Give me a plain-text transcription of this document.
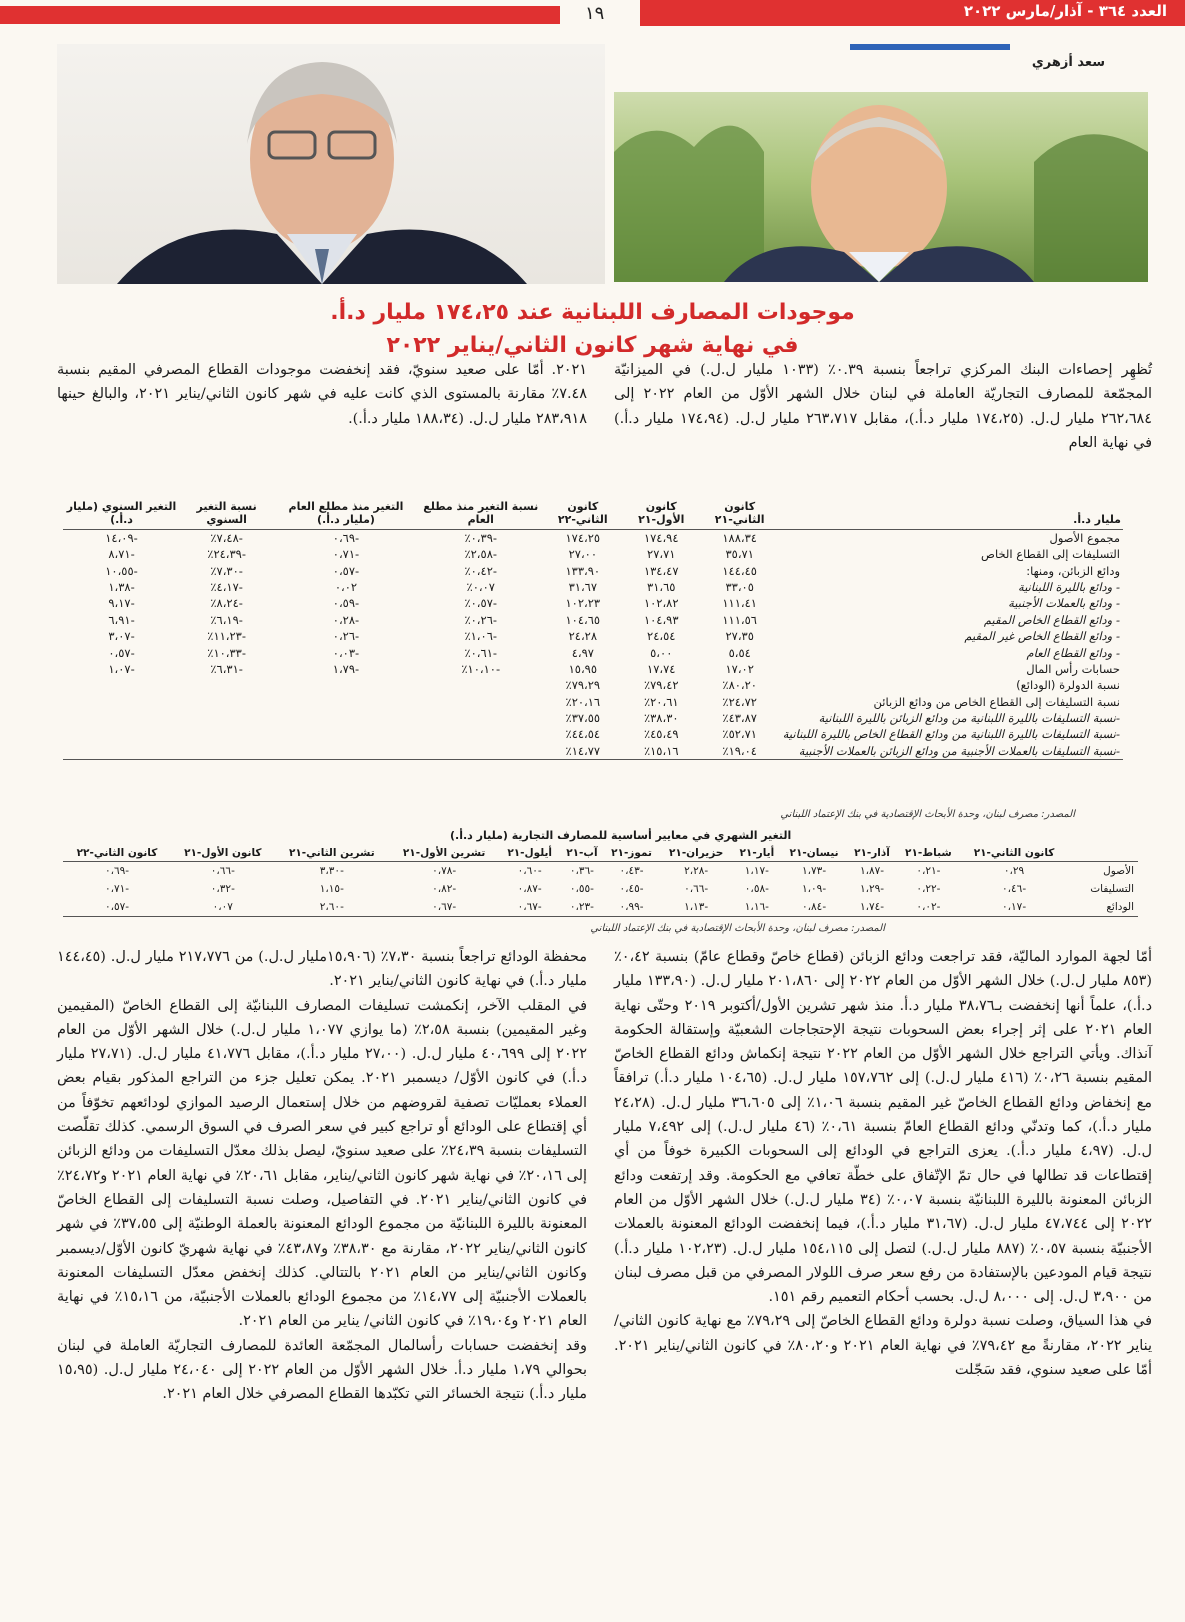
العدد ٣٦٤ - آذار/مارس ٢٠٢٢
١٩
سعد أزهري
موجودات المصارف اللبنانية عند ١٧٤،٢٥ مليار د.أ.
في نهاية شهر كانون الثاني/يناير ٢٠٢٢

تُظهِر إحصاءات البنك المركزي تراجعاً بنسبة ٠.٣٩٪ (١٠٣٣ مليار ل.ل.) في الميزانيّة المجمّعة للمصارف التجاريّة العاملة في لبنان خلال الشهر الأوّل من العام ٢٠٢٢ إلى ٢٦٢،٦٨٤ مليار ل.ل. (١٧٤،٢٥ مليار د.أ.)، مقابل ٢٦٣،٧١٧ مليار ل.ل. (١٧٤،٩٤ مليار د.أ.) في نهاية العام

٢٠٢١. أمّا على صعيد سنويّ، فقد إنخفضت موجودات القطاع المصرفي المقيم بنسبة ٧.٤٨٪ مقارنة بالمستوى الذي كانت عليه في شهر كانون الثاني/يناير ٢٠٢١، والبالغ حينها ٢٨٣،٩١٨ مليار ل.ل. (١٨٨،٣٤ مليار د.أ.).

مليار د.أ.	كانون الثاني-٢١	كانون الأول-٢١	كانون الثاني-٢٢	نسبة التغير منذ مطلع العام	التغير منذ مطلع العام (مليار د.أ.)	نسبة التغير السنوي	التغير السنوي (مليار د.أ.)
مجموع الأصول	١٨٨،٣٤	١٧٤،٩٤	١٧٤،٢٥	-٠،٣٩٪	-٠،٦٩	-٧،٤٨٪	-١٤،٠٩
التسليفات إلى القطاع الخاص	٣٥،٧١	٢٧،٧١	٢٧،٠٠	-٢،٥٨٪	-٠،٧١	-٢٤،٣٩٪	-٨،٧١
ودائع الزبائن، ومنها:	١٤٤،٤٥	١٣٤،٤٧	١٣٣،٩٠	-٠،٤٢٪	-٠،٥٧	-٧،٣٠٪	-١٠،٥٥
- ودائع بالليرة اللبنانية	٣٣،٠٥	٣١،٦٥	٣١،٦٧	٠،٠٧٪	٠،٠٢	-٤،١٧٪	-١،٣٨
- ودائع بالعملات الأجنبية	١١١،٤١	١٠٢،٨٢	١٠٢،٢٣	-٠،٥٧٪	-٠،٥٩	-٨،٢٤٪	-٩،١٧
- ودائع القطاع الخاص المقيم	١١١،٥٦	١٠٤،٩٣	١٠٤،٦٥	-٠،٢٦٪	-٠،٢٨	-٦،١٩٪	-٦،٩١
- ودائع القطاع الخاص غير المقيم	٢٧،٣٥	٢٤،٥٤	٢٤،٢٨	-١،٠٦٪	-٠،٢٦	-١١،٢٣٪	-٣،٠٧
- ودائع القطاع العام	٥،٥٤	٥،٠٠	٤،٩٧	-٠،٦١٪	-٠،٠٣	-١٠،٣٣٪	-٠،٥٧
حسابات رأس المال	١٧،٠٢	١٧،٧٤	١٥،٩٥	-١٠،١٠٪	-١،٧٩	-٦،٣١٪	-١،٠٧
نسبة الدولرة (الودائع)	٨٠،٢٠٪	٧٩،٤٢٪	٧٩،٢٩٪				
نسبة التسليفات إلى القطاع الخاص من ودائع الزبائن	٢٤،٧٢٪	٢٠،٦١٪	٢٠،١٦٪				
-نسبة التسليفات بالليرة اللبنانية من ودائع الزبائن بالليرة اللبنانية	٤٣،٨٧٪	٣٨،٣٠٪	٣٧،٥٥٪				
-نسبة التسليفات بالليرة اللبنانية من ودائع القطاع الخاص بالليرة اللبنانية	٥٢،٧١٪	٤٥،٤٩٪	٤٤،٥٤٪				
-نسبة التسليفات بالعملات الأجنبية من ودائع الزبائن بالعملات الأجنبية	١٩،٠٤٪	١٥،١٦٪	١٤،٧٧٪				
المصدر: مصرف لبنان، وحدة الأبحاث الإقتصادية في بنك الإعتماد اللبناني
التغير الشهري في معايير أساسية للمصارف التجارية (مليار د.أ.)
	كانون الثاني-٢١	شباط-٢١	آذار-٢١	نيسان-٢١	أيار-٢١	حزيران-٢١	تموز-٢١	آب-٢١	أيلول-٢١	تشرين الأول-٢١	تشرين الثاني-٢١	كانون الأول-٢١	كانون الثاني-٢٢
الأصول	٠،٢٩	-٠،٢١	-١،٨٧	-١،٧٣	-١،١٧	-٢،٢٨	-٠،٤٣	-٠،٣٦	-٠،٦٠	-٠،٧٨	-٣،٣٠	-٠،٦٦	-٠،٦٩
التسليفات	-٠،٤٦	-٠،٢٢	-١،٢٩	-١،٠٩	-٠،٥٨	-٠،٦٦	-٠،٤٥	-٠،٥٥	-٠،٨٧	-٠،٨٢	-١،١٥	-٠،٣٢	-٠،٧١
الودائع	-٠،١٧	-٠،٠٢	-١،٧٤	-٠،٨٤	-١،١٦	-١،١٣	-٠،٩٩	-٠،٢٣	-٠،٦٧	-٠،٦٧	-٢،٦٠	٠،٠٧	-٠،٥٧
المصدر: مصرف لبنان، وحدة الأبحاث الإقتصادية في بنك الإعتماد اللبناني

أمّا لجهة الموارد الماليّة، فقد تراجعت ودائع الزبائن (قطاع خاصّ وقطاع عامّ) بنسبة ٠،٤٢٪ (٨٥٣ مليار ل.ل.) خلال الشهر الأوّل من العام ٢٠٢٢ إلى ٢٠١،٨٦٠ مليار ل.ل. (١٣٣،٩٠ مليار د.أ.)، علماً أنها إنخفضت بـ٣٨،٧٦ مليار د.أ. منذ شهر تشرين الأول/أكتوبر ٢٠١٩ وحتّى نهاية العام ٢٠٢١ على إثر إجراء بعض السحوبات نتيجة الإحتجاجات الشعبيّة وإستقالة الحكومة آنذاك. ويأتي التراجع خلال الشهر الأوّل من العام ٢٠٢٢ نتيجة إنكماش ودائع القطاع الخاصّ المقيم بنسبة ٠،٢٦٪ (٤١٦ مليار ل.ل.) إلى ١٥٧،٧٦٢ مليار ل.ل. (١٠٤،٦٥ مليار د.أ.) ترافقاً مع إنخفاض ودائع القطاع الخاصّ غير المقيم بنسبة ١،٠٦٪ إلى ٣٦،٦٠٥ مليار ل.ل. (٢٤،٢٨ مليار د.أ.)، كما وتدنّي ودائع القطاع العامّ بنسبة ٠،٦١٪ (٤٦ مليار ل.ل.) إلى ٧،٤٩٢ مليار ل.ل. (٤،٩٧ مليار د.أ.). يعزى التراجع في الودائع إلى السحوبات الكبيرة خوفاً من أي إقتطاعات قد تطالها في حال تمّ الإتّفاق على خطّة تعافي مع الحكومة. وقد إرتفعت ودائع الزبائن المعنونة بالليرة اللبنانيّة بنسبة ٠،٠٧٪ (٣٤ مليار ل.ل.) خلال الشهر الأوّل من العام ٢٠٢٢ إلى ٤٧،٧٤٤ مليار ل.ل. (٣١،٦٧ مليار د.أ.)، فيما إنخفضت الودائع المعنونة بالعملات الأجنبيّة بنسبة ٠،٥٧٪ (٨٨٧ مليار ل.ل.) لتصل إلى ١٥٤،١١٥ مليار ل.ل. (١٠٢،٢٣ مليار د.أ.) نتيجة قيام المودعين بالإستفادة من رفع سعر صرف اللولار المصرفي من قبل مصرف لبنان من ٣،٩٠٠ ل.ل. إلى ٨،٠٠٠ ل.ل. بحسب أحكام التعميم رقم ١٥١.

في هذا السياق، وصلت نسبة دولرة ودائع القطاع الخاصّ إلى ٧٩،٢٩٪ مع نهاية كانون الثاني/يناير ٢٠٢٢، مقارنةً مع ٧٩،٤٢٪ في نهاية العام ٢٠٢١ و٨٠،٢٠٪ في كانون الثاني/يناير ٢٠٢١. أمّا على صعيد سنوي، فقد سَجّلت

محفظة الودائع تراجعاً بنسبة ٧،٣٠٪ (١٥،٩٠٦مليار ل.ل.) من ٢١٧،٧٧٦ مليار ل.ل. (١٤٤،٤٥ مليار د.أ.) في نهاية كانون الثاني/يناير ٢٠٢١.

في المقلب الآخر، إنكمشت تسليفات المصارف اللبنانيّة إلى القطاع الخاصّ (المقيمين وغير المقيمين) بنسبة ٢،٥٨٪ (ما يوازي ١،٠٧٧ مليار ل.ل.) خلال الشهر الأوّل من العام ٢٠٢٢ إلى ٤٠،٦٩٩ مليار ل.ل. (٢٧،٠٠ مليار د.أ.)، مقابل ٤١،٧٧٦ مليار ل.ل. (٢٧،٧١ مليار د.أ.) في كانون الأوّل/ ديسمبر ٢٠٢١. يمكن تعليل جزء من التراجع المذكور بقيام بعض العملاء بعمليّات تصفية لقروضهم من خلال إستعمال الرصيد الموازي لودائعهم تخوّفاً من أي إقتطاع على الودائع أو تراجع كبير في سعر الصرف في السوق الرسمي. كذلك تقلّصت التسليفات بنسبة ٢٤،٣٩٪ على صعيد سنويّ، ليصل بذلك معدّل التسليفات من ودائع الزبائن إلى ٢٠،١٦٪ في نهاية شهر كانون الثاني/يناير، مقابل ٢٠،٦١٪ في نهاية العام ٢٠٢١ و٢٤،٧٢٪ في كانون الثاني/يناير ٢٠٢١. في التفاصيل، وصلت نسبة التسليفات إلى القطاع الخاصّ المعنونة بالليرة اللبنانيّة من مجموع الودائع المعنونة بالعملة الوطنيّة إلى ٣٧،٥٥٪ في شهر كانون الثاني/يناير ٢٠٢٢، مقارنة مع ٣٨،٣٠٪ و٤٣،٨٧٪ في نهاية شهريّ كانون الأوّل/ديسمبر وكانون الثاني/يناير من العام ٢٠٢١ بالتتالي. كذلك إنخفض معدّل التسليفات المعنونة بالعملات الأجنبيّة إلى ١٤،٧٧٪ من مجموع الودائع بالعملات الأجنبيّة، من ١٥،١٦٪ في نهاية العام ٢٠٢١ و١٩،٠٤٪ في كانون الثاني/ يناير من العام ٢٠٢١.

وقد إنخفضت حسابات رأسالمال المجمّعة العائدة للمصارف التجاريّة العاملة في لبنان بحوالي ١،٧٩ مليار د.أ. خلال الشهر الأوّل من العام ٢٠٢٢ إلى ٢٤،٠٤٠ مليار ل.ل. (١٥،٩٥ مليار د.أ.) نتيجة الخسائر التي تكبّدها القطاع المصرفي خلال العام ٢٠٢١.
